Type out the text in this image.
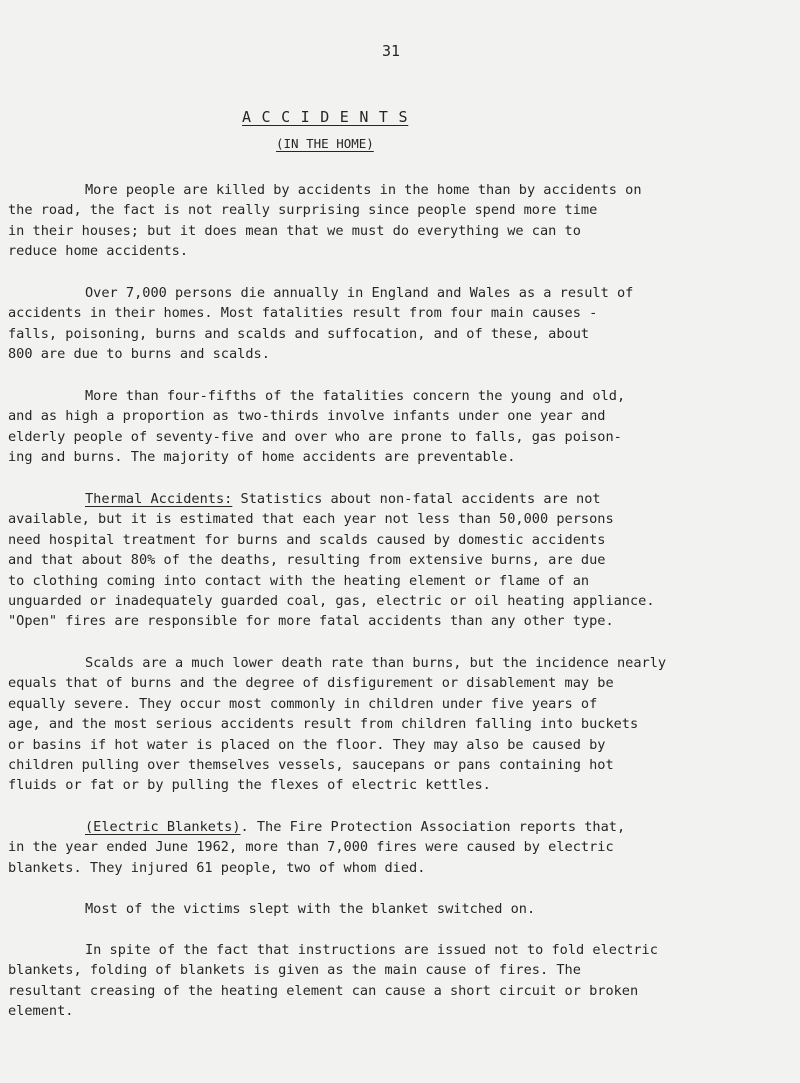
31
A C C I D E N T S
(IN THE HOME)
More people are killed by accidents in the home than by accidents on
the road, the fact is not really surprising since people spend more time
in their houses; but it does mean that we must do everything we can to
reduce home accidents.
Over 7,000 persons die annually in England and Wales as a result of
accidents in their homes. Most fatalities result from four main causes -
falls, poisoning, burns and scalds and suffocation, and of these, about
800 are due to burns and scalds.
More than four-fifths of the fatalities concern the young and old,
and as high a proportion as two-thirds involve infants under one year and
elderly people of seventy-five and over who are prone to falls, gas poison-
ing and burns. The majority of home accidents are preventable.
Thermal Accidents: Statistics about non-fatal accidents are not
available, but it is estimated that each year not less than 50,000 persons
need hospital treatment for burns and scalds caused by domestic accidents
and that about 80% of the deaths, resulting from extensive burns, are due
to clothing coming into contact with the heating element or flame of an
unguarded or inadequately guarded coal, gas, electric or oil heating appliance.
"Open" fires are responsible for more fatal accidents than any other type.
Scalds are a much lower death rate than burns, but the incidence nearly
equals that of burns and the degree of disfigurement or disablement may be
equally severe. They occur most commonly in children under five years of
age, and the most serious accidents result from children falling into buckets
or basins if hot water is placed on the floor. They may also be caused by
children pulling over themselves vessels, saucepans or pans containing hot
fluids or fat or by pulling the flexes of electric kettles.
(Electric Blankets). The Fire Protection Association reports that,
in the year ended June 1962, more than 7,000 fires were caused by electric
blankets. They injured 61 people, two of whom died.
Most of the victims slept with the blanket switched on.
In spite of the fact that instructions are issued not to fold electric
blankets, folding of blankets is given as the main cause of fires. The
resultant creasing of the heating element can cause a short circuit or broken
element.
